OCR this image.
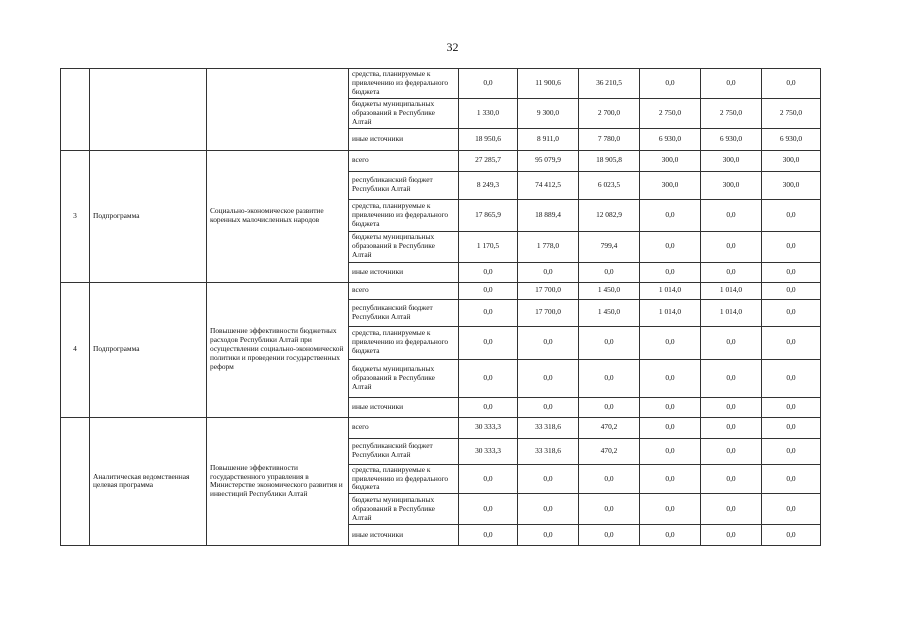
32
			средства, планируемые к привлечению из федерального бюджета	0,0	11 900,6	36 210,5	0,0	0,0	0,0
			бюджеты муниципальных образований в Республике Алтай	1 330,0	9 300,0	2 700,0	2 750,0	2 750,0	2 750,0
			иные источники	18 950,6	8 911,0	7 780,0	6 930,0	6 930,0	6 930,0
3	Подпрограмма	Социально-экономическое развитие коренных малочисленных народов	всего	27 285,7	95 079,9	18 905,8	300,0	300,0	300,0
			республиканский бюджет Республики Алтай	8 249,3	74 412,5	6 023,5	300,0	300,0	300,0
			средства, планируемые к привлечению из федерального бюджета	17 865,9	18 889,4	12 082,9	0,0	0,0	0,0
			бюджеты муниципальных образований в Республике Алтай	1 170,5	1 778,0	799,4	0,0	0,0	0,0
			иные источники	0,0	0,0	0,0	0,0	0,0	0,0
4	Подпрограмма	Повышение эффективности бюджетных расходов Республики Алтай при осуществлении социально-экономической политики и проведении государственных реформ	всего	0,0	17 700,0	1 450,0	1 014,0	1 014,0	0,0
			республиканский бюджет Республики Алтай	0,0	17 700,0	1 450,0	1 014,0	1 014,0	0,0
			средства, планируемые к привлечению из федерального бюджета	0,0	0,0	0,0	0,0	0,0	0,0
			бюджеты муниципальных образований в Республике Алтай	0,0	0,0	0,0	0,0	0,0	0,0
			иные источники	0,0	0,0	0,0	0,0	0,0	0,0
	Аналитическая ведомственная целевая программа	Повышение эффективности государственного управления в Министерстве экономического развития и инвестиций Республики Алтай	всего	30 333,3	33 318,6	470,2	0,0	0,0	0,0
			республиканский бюджет Республики Алтай	30 333,3	33 318,6	470,2	0,0	0,0	0,0
			средства, планируемые к привлечению из федерального бюджета	0,0	0,0	0,0	0,0	0,0	0,0
			бюджеты муниципальных образований в Республике Алтай	0,0	0,0	0,0	0,0	0,0	0,0
			иные источники	0,0	0,0	0,0	0,0	0,0	0,0
